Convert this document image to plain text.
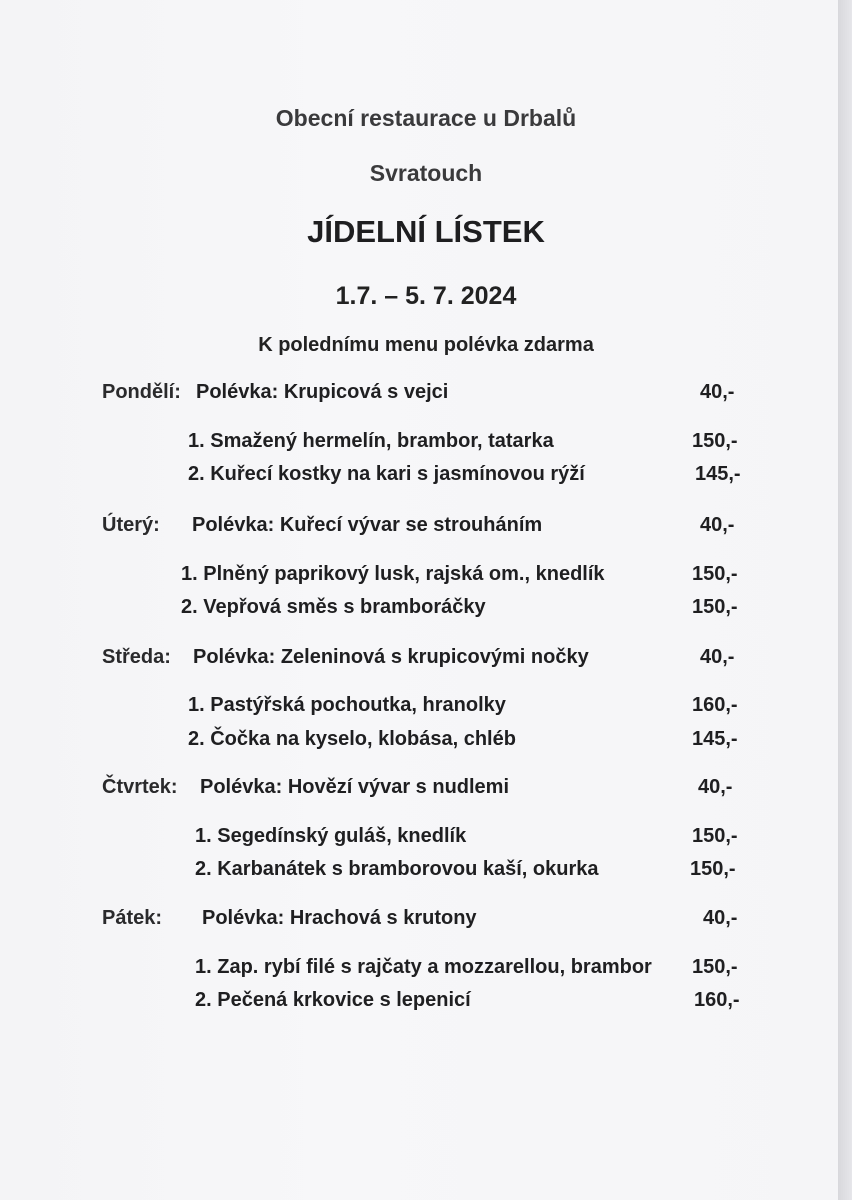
Obecní restaurace u Drbalů
Svratouch
JÍDELNÍ LÍSTEK
1.7. – 5. 7. 2024
K polednímu menu polévka zdarma
Pondělí: Polévka: Krupicová s vejci	40,-
1. Smažený hermelín, brambor, tatarka	150,-
2. Kuřecí kostky na kari s jasmínovou rýží	145,-
Úterý: Polévka: Kuřecí vývar se strouháním	40,-
1. Plněný paprikový lusk, rajská om., knedlík	150,-
2. Vepřová směs s bramboráčky	150,-
Středa: Polévka: Zeleninová s krupicovými nočky	40,-
1. Pastýřská pochoutka, hranolky	160,-
2. Čočka na kyselo, klobása, chléb	145,-
Čtvrtek: Polévka: Hovězí vývar s nudlemi	40,-
1. Segedínský guláš, knedlík	150,-
2. Karbanátek s bramborovou kaší, okurka	150,-
Pátek: Polévka: Hrachová s krutony	40,-
1. Zap. rybí filé s rajčaty a mozzarellou, brambor 150,-
2. Pečená krkovice s lepenicí	160,-
